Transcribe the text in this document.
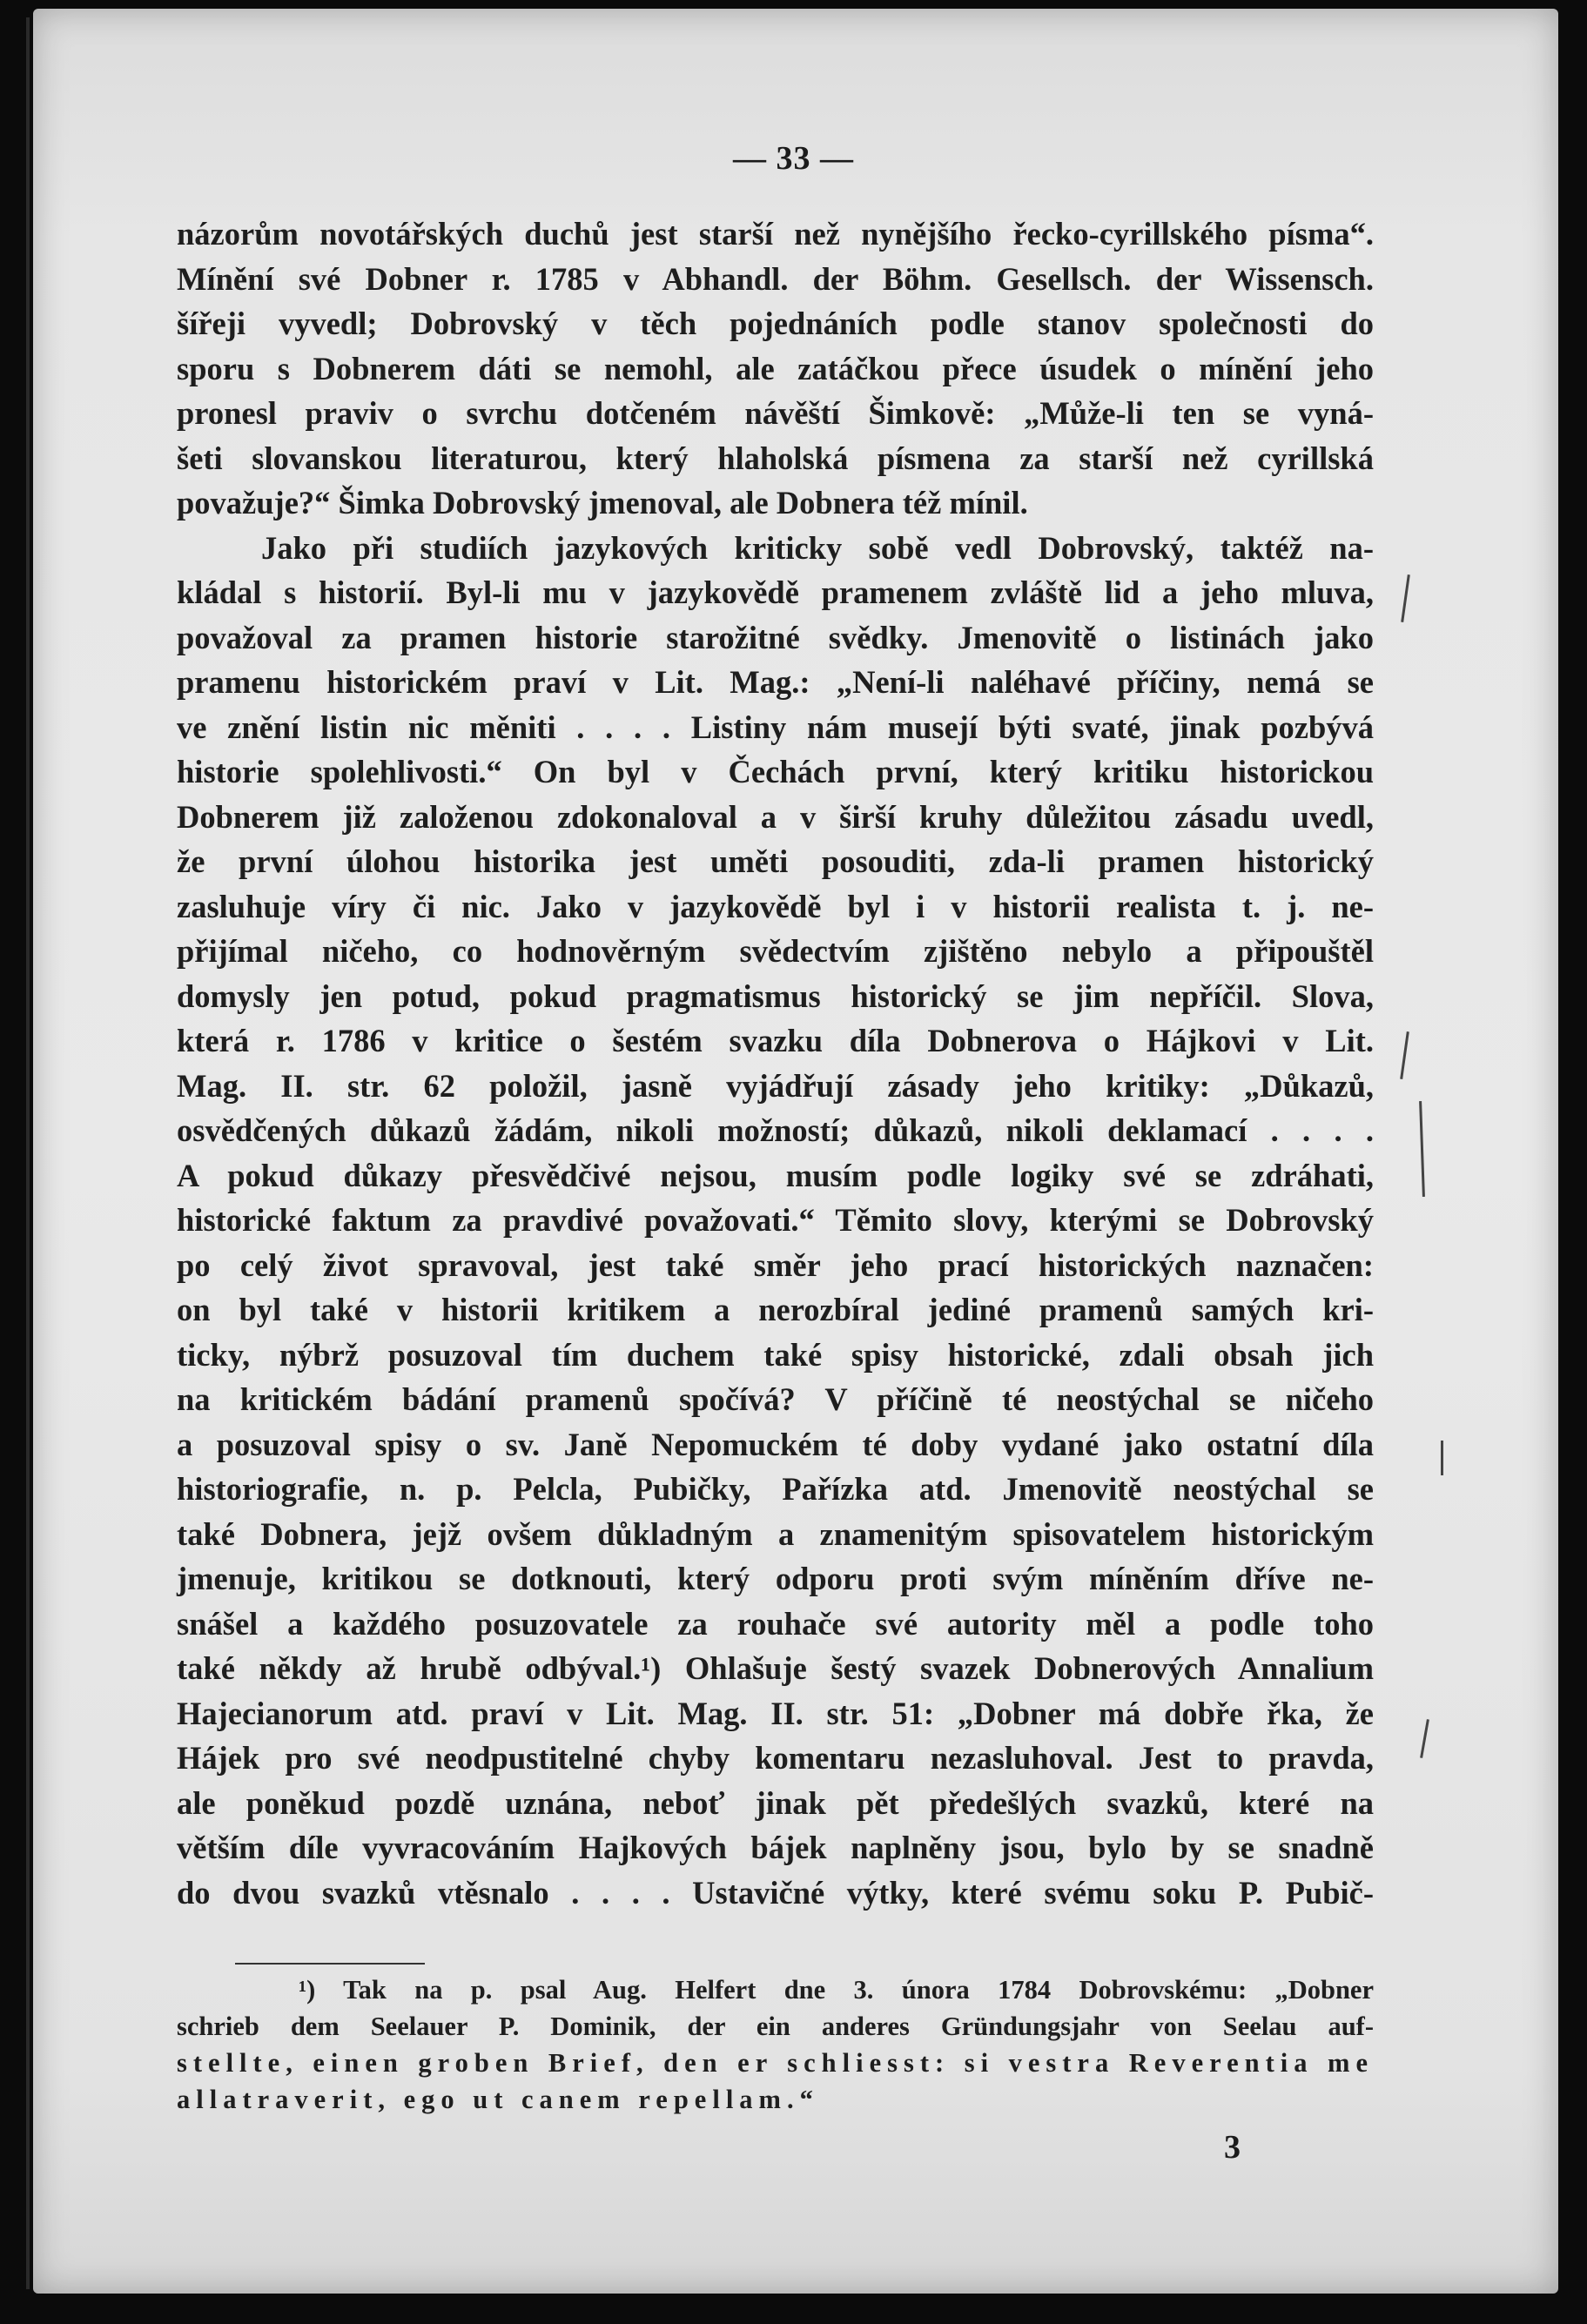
— 33 —
názorům novotářských duchů jest starší než nynějšího řecko-cyrillského písma“.
Mínění své Dobner r. 1785 v Abhandl. der Böhm. Gesellsch. der Wissensch.
šířeji vyvedl; Dobrovský v těch pojednáních podle stanov společnosti do
sporu s Dobnerem dáti se nemohl, ale zatáčkou přece úsudek o mínění jeho
pronesl praviv o svrchu dotčeném návěští Šimkově: „Může-li ten se vyná-
šeti slovanskou literaturou, který hlaholská písmena za starší než cyrillská
považuje?“ Šimka Dobrovský jmenoval, ale Dobnera též mínil.
Jako při studiích jazykových kriticky sobě vedl Dobrovský, taktéž na-
kládal s historií. Byl-li mu v jazykovědě pramenem zvláště lid a jeho mluva,
považoval za pramen historie starožitné svědky. Jmenovitě o listinách jako
pramenu historickém praví v Lit. Mag.: „Není-li naléhavé příčiny, nemá se
ve znění listin nic měniti . . . . Listiny nám musejí býti svaté, jinak pozbývá
historie spolehlivosti.“ On byl v Čechách první, který kritiku historickou
Dobnerem již založenou zdokonaloval a v širší kruhy důležitou zásadu uvedl,
že první úlohou historika jest uměti posouditi, zda-li pramen historický
zasluhuje víry či nic. Jako v jazykovědě byl i v historii realista t. j. ne-
přijímal ničeho, co hodnověrným svědectvím zjištěno nebylo a připouštěl
domysly jen potud, pokud pragmatismus historický se jim nepříčil. Slova,
která r. 1786 v kritice o šestém svazku díla Dobnerova o Hájkovi v Lit.
Mag. II. str. 62 položil, jasně vyjádřují zásady jeho kritiky: „Důkazů,
osvědčených důkazů žádám, nikoli možností; důkazů, nikoli deklamací . . . .
A pokud důkazy přesvědčivé nejsou, musím podle logiky své se zdráhati,
historické faktum za pravdivé považovati.“ Těmito slovy, kterými se Dobrovský
po celý život spravoval, jest také směr jeho prací historických naznačen:
on byl také v historii kritikem a nerozbíral jediné pramenů samých kri-
ticky, nýbrž posuzoval tím duchem také spisy historické, zdali obsah jich
na kritickém bádání pramenů spočívá? V příčině té neostýchal se ničeho
a posuzoval spisy o sv. Janě Nepomuckém té doby vydané jako ostatní díla
historiografie, n. p. Pelcla, Pubičky, Pařízka atd. Jmenovitě neostýchal se
také Dobnera, jejž ovšem důkladným a znamenitým spisovatelem historickým
jmenuje, kritikou se dotknouti, který odporu proti svým míněním dříve ne-
snášel a každého posuzovatele za rouhače své autority měl a podle toho
také někdy až hrubě odbýval.¹) Ohlašuje šestý svazek Dobnerových Annalium
Hajecianorum atd. praví v Lit. Mag. II. str. 51: „Dobner má dobře řka, že
Hájek pro své neodpustitelné chyby komentaru nezasluhoval. Jest to pravda,
ale poněkud pozdě uznána, neboť jinak pět předešlých svazků, které na
větším díle vyvracováním Hajkových bájek naplněny jsou, bylo by se snadně
do dvou svazků vtěsnalo . . . . Ustavičné výtky, které svému soku P. Pubič-
¹) Tak na p. psal Aug. Helfert dne 3. února 1784 Dobrovskému: „Dobner
schrieb dem Seelauer P. Dominik, der ein anderes Gründungsjahr von Seelau auf-
stellte, einen groben Brief, den er schliesst: si vestra Reverentia me
allatraverit, ego ut canem repellam.“
3
